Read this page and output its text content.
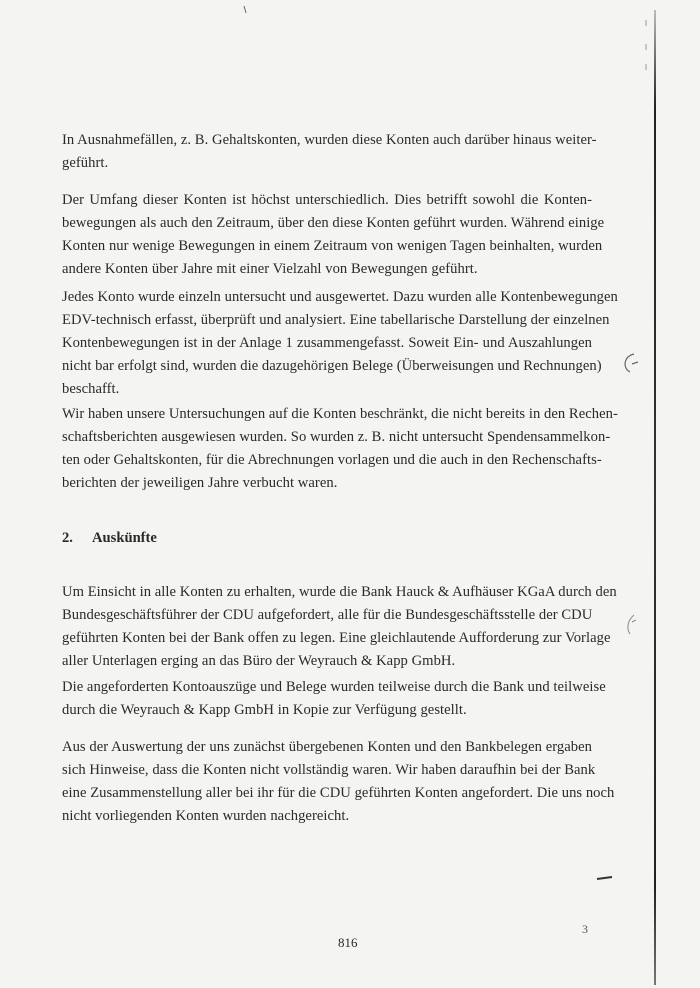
In Ausnahmefällen, z. B. Gehaltskonten, wurden diese Konten auch darüber hinaus weiter-
geführt.
Der Umfang dieser Konten ist höchst unterschiedlich. Dies betrifft sowohl die Konten-
bewegungen als auch den Zeitraum, über den diese Konten geführt wurden. Während einige
Konten nur wenige Bewegungen in einem Zeitraum von wenigen Tagen beinhalten, wurden
andere Konten über Jahre mit einer Vielzahl von Bewegungen geführt.
Jedes Konto wurde einzeln untersucht und ausgewertet. Dazu wurden alle Kontenbewegungen
EDV-technisch erfasst, überprüft und analysiert. Eine tabellarische Darstellung der einzelnen
Kontenbewegungen ist in der Anlage 1 zusammengefasst. Soweit Ein- und Auszahlungen
nicht bar erfolgt sind, wurden die dazugehörigen Belege (Überweisungen und Rechnungen)
beschafft.
Wir haben unsere Untersuchungen auf die Konten beschränkt, die nicht bereits in den Rechen-
schaftsberichten ausgewiesen wurden. So wurden z. B. nicht untersucht Spendensammelkon-
ten oder Gehaltskonten, für die Abrechnungen vorlagen und die auch in den Rechenschafts-
berichten der jeweiligen Jahre verbucht waren.
2. Auskünfte
Um Einsicht in alle Konten zu erhalten, wurde die Bank Hauck & Aufhäuser KGaA durch den
Bundesgeschäftsführer der CDU aufgefordert, alle für die Bundesgeschäftsstelle der CDU
geführten Konten bei der Bank offen zu legen. Eine gleichlautende Aufforderung zur Vorlage
aller Unterlagen erging an das Büro der Weyrauch & Kapp GmbH.
Die angeforderten Kontoauszüge und Belege wurden teilweise durch die Bank und teilweise
durch die Weyrauch & Kapp GmbH in Kopie zur Verfügung gestellt.
Aus der Auswertung der uns zunächst übergebenen Konten und den Bankbelegen ergaben
sich Hinweise, dass die Konten nicht vollständig waren. Wir haben daraufhin bei der Bank
eine Zusammenstellung aller bei ihr für die CDU geführten Konten angefordert. Die uns noch
nicht vorliegenden Konten wurden nachgereicht.
816
3
